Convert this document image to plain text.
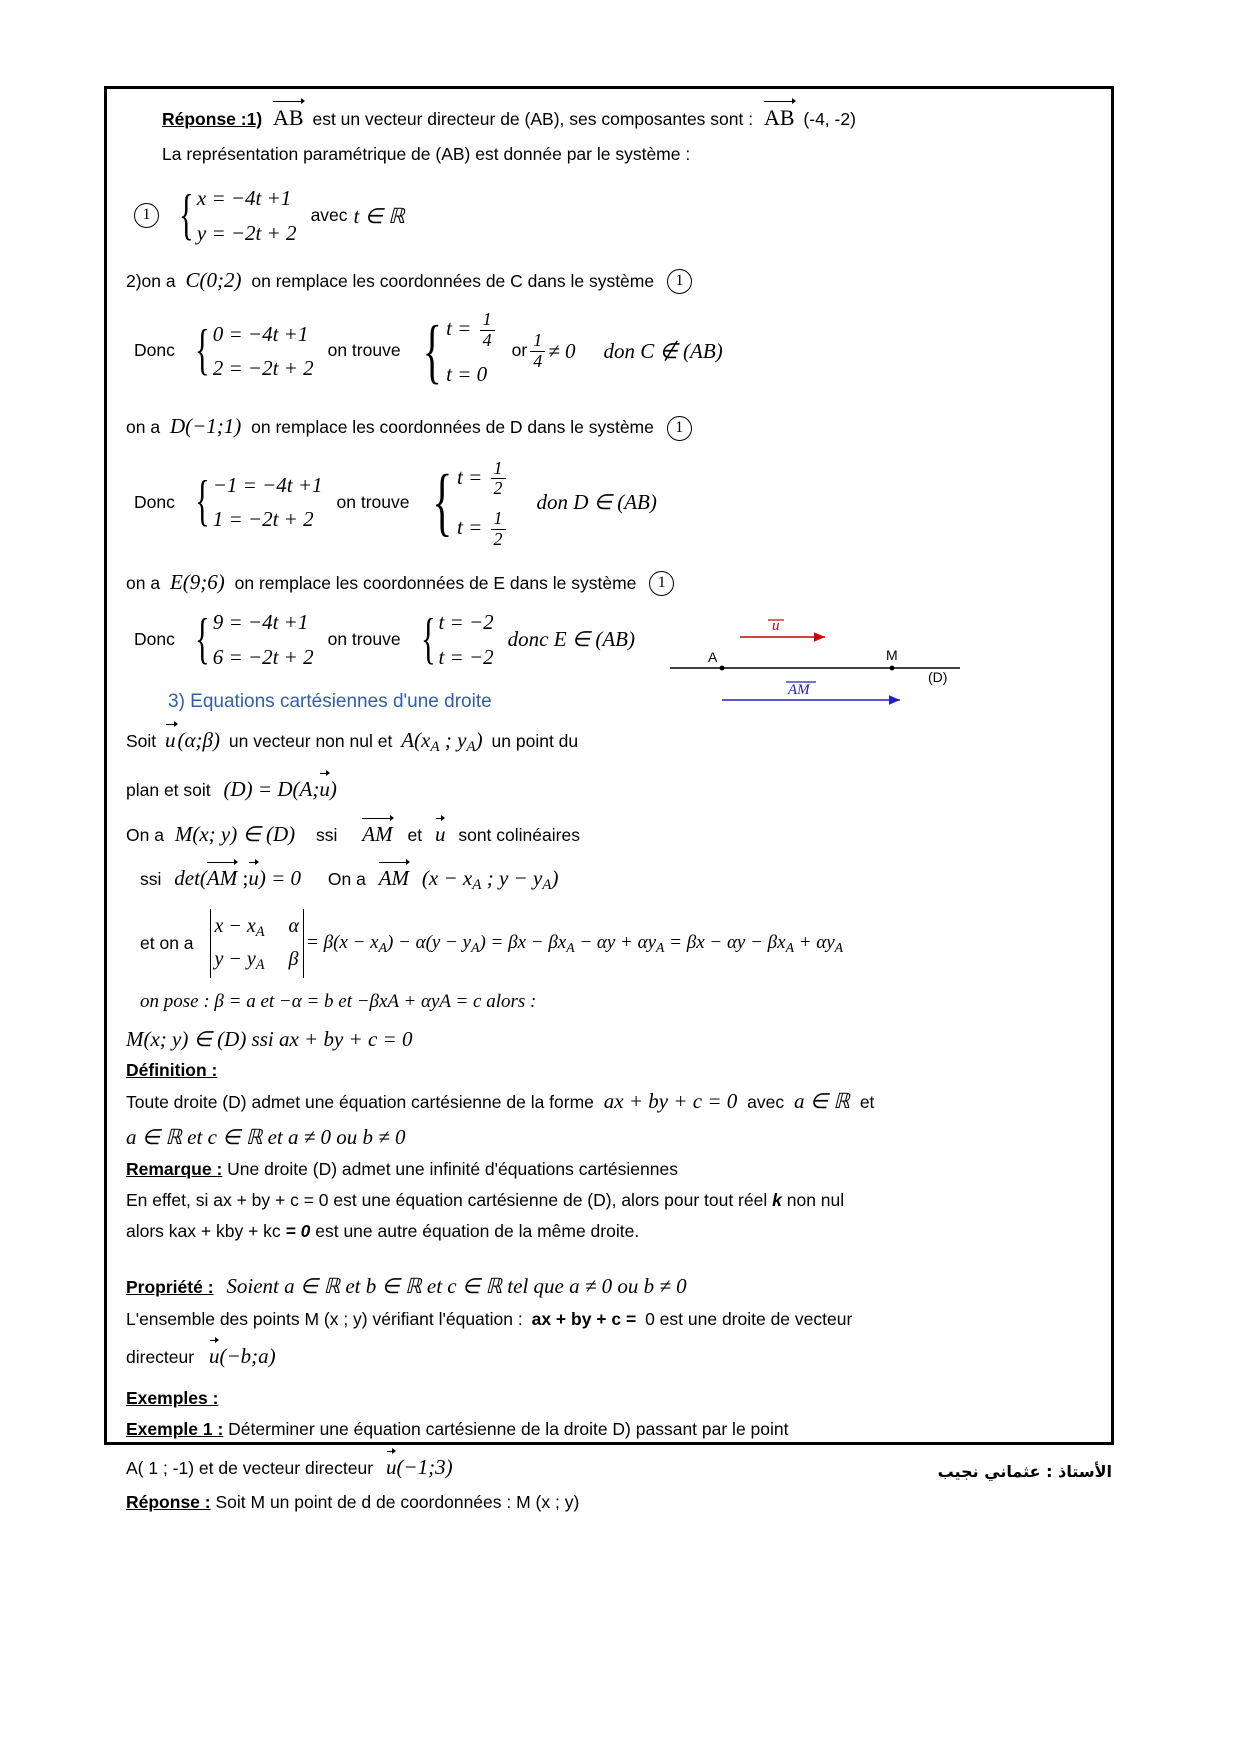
Réponse :1) AB est un vecteur directeur de (AB), ses composantes sont : AB (-4, -2)
La représentation paramétrique de (AB) est donnée par le système :
1 { x = −4t +1
y = −2t + 2
avec t ∈ ℝ
2)on a C(0;2) on remplace les coordonnées de C dans le système 1
Donc { 0 = −4t +1
2 = −2t + 2
on trouve { $t = \frac{1}{4}$
t = 0
or $\frac{1}{4} \ne 0$ don C ∉ (AB)
on a D(−1;1) on remplace les coordonnées de D dans le système 1
Donc { −1 = −4t +1
1 = −2t + 2
on trouve { $t = \frac{1}{2}$
$t = \frac{1}{2}$
don D ∈ (AB)
on a E(9;6) on remplace les coordonnées de E dans le système 1
Donc { 9 = −4t +1
6 = −2t + 2
on trouve { t = −2
t = −2
donc E ∈ (AB)
3) Equations cartésiennes d'une droite
Soit u(α;β) un vecteur non nul et $A(x_A$ ; $y_A$) un point du
plan et soit (D) = D(A;u)
On a M(x; y) ∈ (D) ssi AM et u sont colinéaires
ssi det(AM ;u) = 0 On a AM ($x - x_A$ ; $y - y_A$)
et on a
$x - x_A$ α
$y - y_A$ β
= $\beta(x - x_A) - \alpha(y - y_A) = \beta x - \beta x_A - \alpha y + \alpha y_A = \beta x - \alpha y - \beta x_A + \alpha y_A$
on pose : β = a et −α = b et −βxA + αyA = c alors :
M(x; y) ∈ (D) ssi ax + by + c = 0
Définition :
Toute droite (D) admet une équation cartésienne de la forme ax + by + c = 0 avec a ∈ ℝ et
a ∈ ℝ et c ∈ ℝ et a ≠ 0 ou b ≠ 0
Remarque : Une droite (D) admet une infinité d'équations cartésiennes
En effet, si ax + by + c = 0 est une équation cartésienne de (D), alors pour tout réel k non nul
alors kax + kby + kc = 0 est une autre équation de la même droite.
Propriété : Soient a ∈ ℝ et b ∈ ℝ et c ∈ ℝ tel que a ≠ 0 ou b ≠ 0
L'ensemble des points M (x ; y) vérifiant l'équation : ax + by + c = 0 est une droite de vecteur
directeur u(−b;a)
Exemples :
Exemple 1 : Déterminer une équation cartésienne de la droite D) passant par le point
A( 1 ; -1) et de vecteur directeur u(−1;3)
Réponse : Soit M un point de d de coordonnées : M (x ; y)
u
A	M
AM
(D)
الأستاذ : عثماني نجيب
